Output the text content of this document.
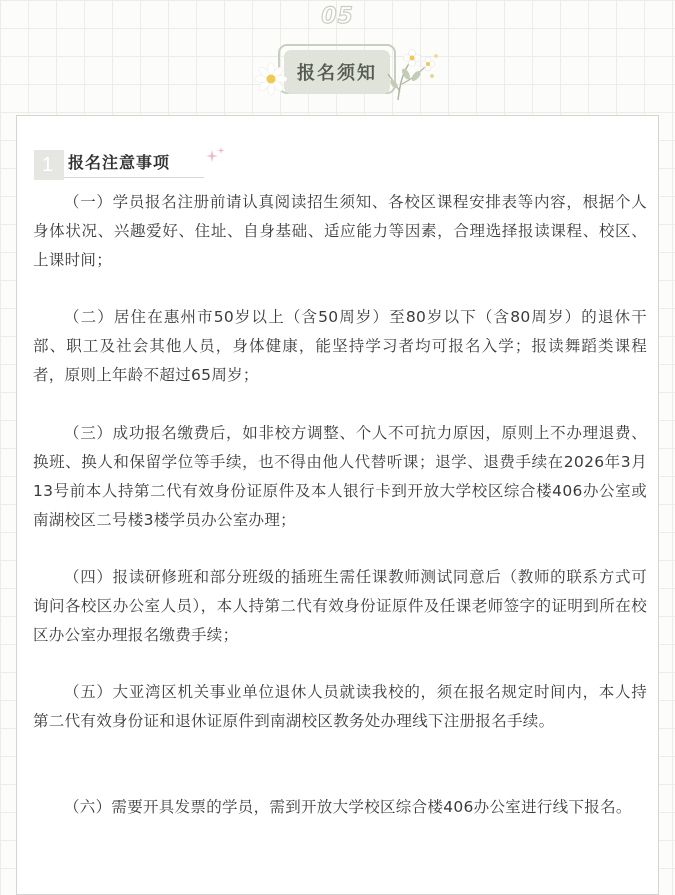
05
报名须知
1 报名注意事项

（一）学员报名注册前请认真阅读招生须知、各校区课程安排表等内容，根据个人身体状况、兴趣爱好、住址、自身基础、适应能力等因素，合理选择报读课程、校区、上课时间；

（二）居住在惠州市50岁以上（含50周岁）至80岁以下（含80周岁）的退休干部、职工及社会其他人员，身体健康，能坚持学习者均可报名入学；报读舞蹈类课程者，原则上年龄不超过65周岁；

（三）成功报名缴费后，如非校方调整、个人不可抗力原因，原则上不办理退费、换班、换人和保留学位等手续，也不得由他人代替听课；退学、退费手续在2026年3月13号前本人持第二代有效身份证原件及本人银行卡到开放大学校区综合楼406办公室或南湖校区二号楼3楼学员办公室办理；

（四）报读研修班和部分班级的插班生需任课教师测试同意后（教师的联系方式可询问各校区办公室人员），本人持第二代有效身份证原件及任课老师签字的证明到所在校区办公室办理报名缴费手续；

（五）大亚湾区机关事业单位退休人员就读我校的，须在报名规定时间内，本人持第二代有效身份证和退休证原件到南湖校区教务处办理线下注册报名手续。

（六）需要开具发票的学员，需到开放大学校区综合楼406办公室进行线下报名。
